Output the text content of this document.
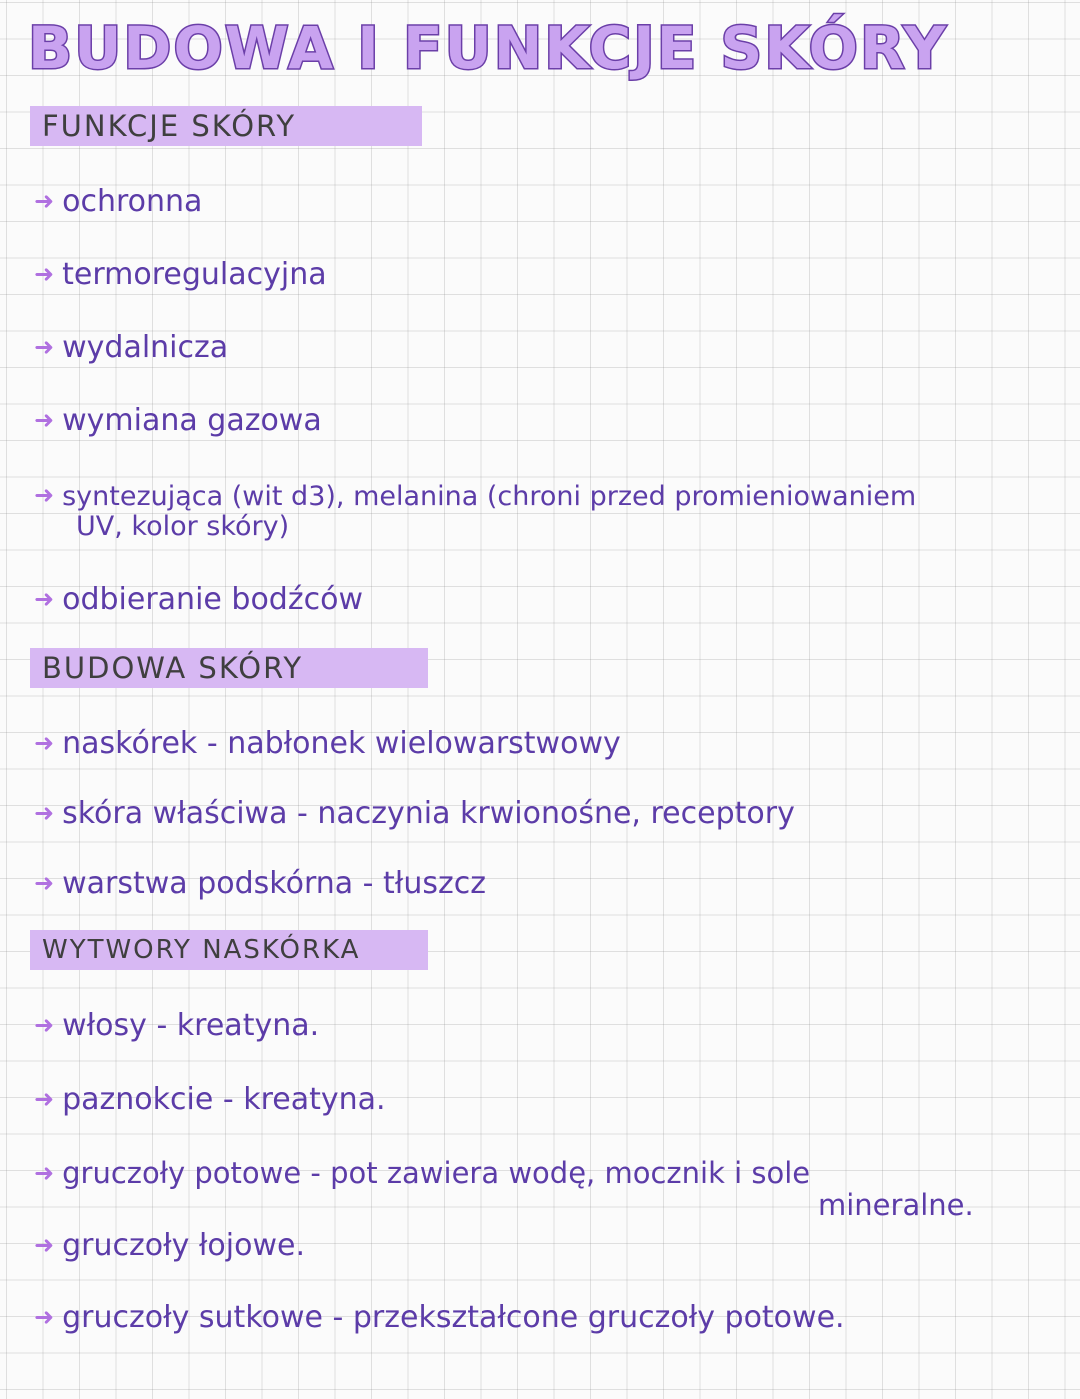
BUDOWA I FUNKCJE SKÓRY
FUNKCJE SKÓRY
➜ ochronna
➜ termoregulacyjna
➜ wydalnicza
➜ wymiana gazowa
➜ syntezująca (wit d3), melanina (chroni przed promieniowaniem
UV, kolor skóry)
➜ odbieranie bodźców
BUDOWA SKÓRY
➜ naskórek - nabłonek wielowarstwowy
➜ skóra właściwa - naczynia krwionośne, receptory
➜ warstwa podskórna - tłuszcz
WYTWORY NASKÓRKA
➜ włosy - kreatyna.
➜ paznokcie - kreatyna.
➜ gruczoły potowe - pot zawiera wodę, mocznik i sole
mineralne.
➜ gruczoły łojowe.
➜ gruczoły sutkowe - przekształcone gruczoły potowe.
